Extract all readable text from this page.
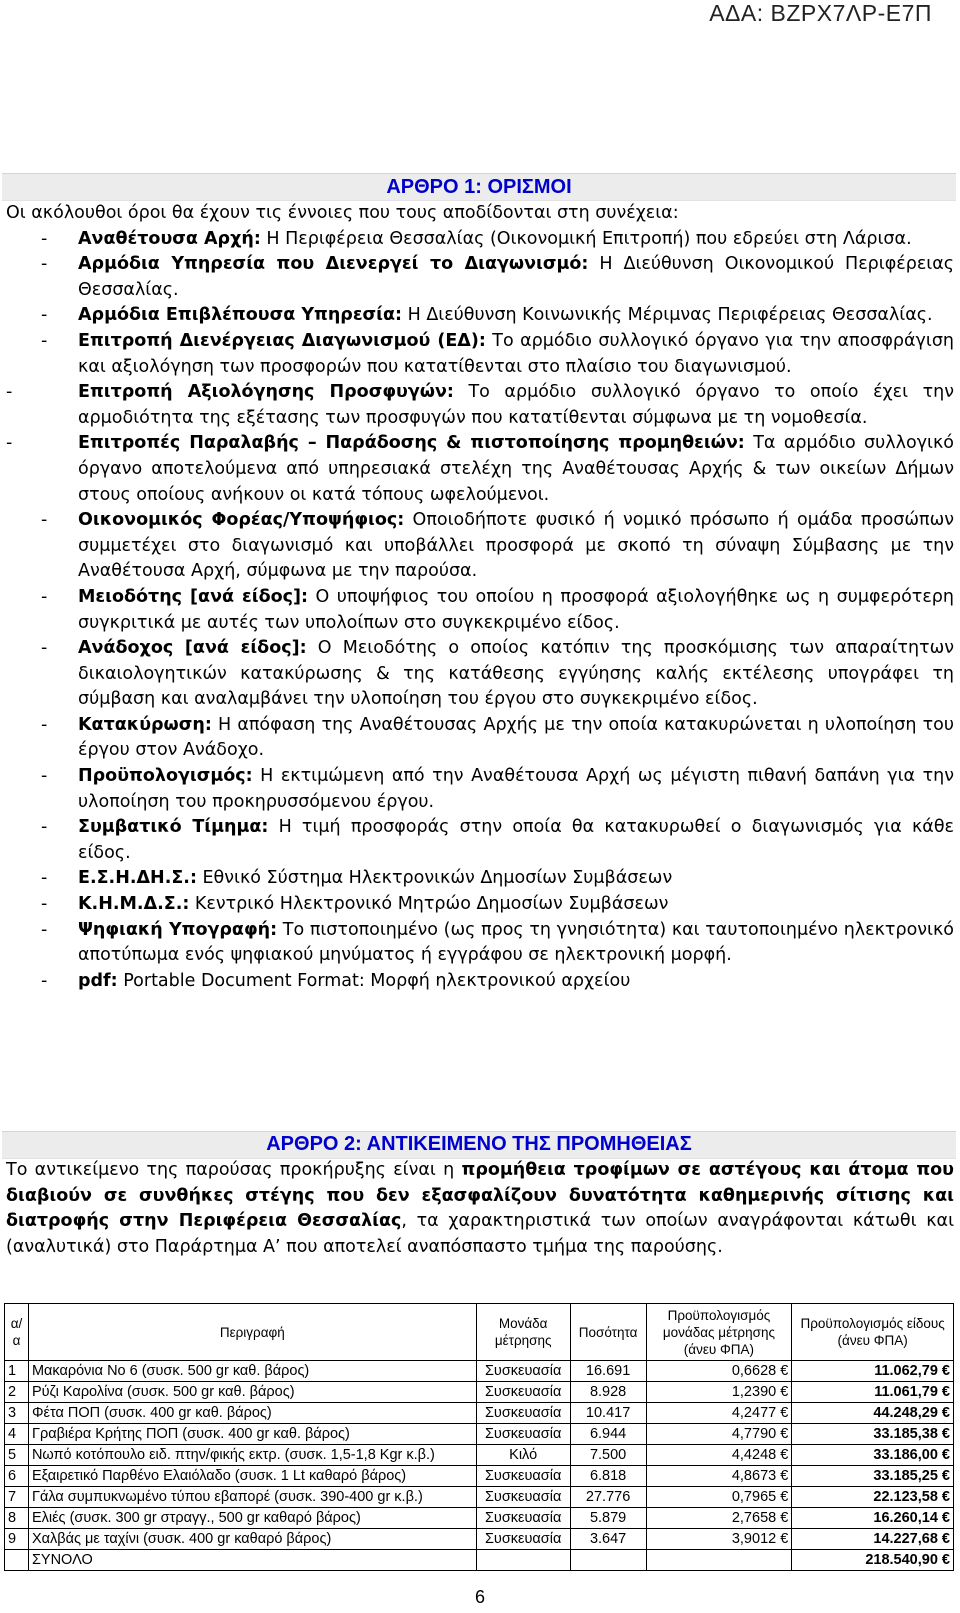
ΑΔΑ: ΒΖΡΧ7ΛΡ-Ε7Π
ΑΡΘΡΟ 1: ΟΡΙΣΜΟΙ

Οι ακόλουθοι όροι θα έχουν τις έννοιες που τους αποδίδονται στη συνέχεια:

- Αναθέτουσα Αρχή: Η Περιφέρεια Θεσσαλίας (Οικονομική Επιτροπή) που εδρεύει στη Λάρισα.
- Αρμόδια Υπηρεσία που Διενεργεί το Διαγωνισμό: Η Διεύθυνση Οικονομικού Περιφέρειας Θεσσαλίας.
- Αρμόδια Επιβλέπουσα Υπηρεσία: Η Διεύθυνση Κοινωνικής Μέριμνας Περιφέρειας Θεσσαλίας.
- Επιτροπή Διενέργειας Διαγωνισμού (ΕΔ): Το αρμόδιο συλλογικό όργανο για την αποσφράγιση και αξιολόγηση των προσφορών που κατατίθενται στο πλαίσιο του διαγωνισμού.
-	Επιτροπή Αξιολόγησης Προσφυγών: Το αρμόδιο συλλογικό όργανο το οποίο έχει την αρμοδιότητα της εξέτασης των προσφυγών που κατατίθενται σύμφωνα με τη νομοθεσία.
-	Επιτροπές Παραλαβής – Παράδοσης & πιστοποίησης προμηθειών: Τα αρμόδιο συλλογικό όργανο αποτελούμενα από υπηρεσιακά στελέχη της Αναθέτουσας Αρχής & των οικείων Δήμων στους οποίους ανήκουν οι κατά τόπους ωφελούμενοι.
- Οικονομικός Φορέας/Υποψήφιος: Οποιοδήποτε φυσικό ή νομικό πρόσωπο ή ομάδα προσώπων συμμετέχει στο διαγωνισμό και υποβάλλει προσφορά με σκοπό τη σύναψη Σύμβασης με την Αναθέτουσα Αρχή, σύμφωνα με την παρούσα.
- Μειοδότης [ανά είδος]: Ο υποψήφιος του οποίου η προσφορά αξιολογήθηκε ως η συμφερότερη συγκριτικά με αυτές των υπολοίπων στο συγκεκριμένο είδος.
- Ανάδοχος [ανά είδος]: Ο Μειοδότης ο οποίος κατόπιν της προσκόμισης των απαραίτητων δικαιολογητικών κατακύρωσης & της κατάθεσης εγγύησης καλής εκτέλεσης υπογράφει τη σύμβαση και αναλαμβάνει την υλοποίηση του έργου στο συγκεκριμένο είδος.
- Κατακύρωση: Η απόφαση της Αναθέτουσας Αρχής με την οποία κατακυρώνεται η υλοποίηση του έργου στον Ανάδοχο.
- Προϋπολογισμός: Η εκτιμώμενη από την Αναθέτουσα Αρχή ως μέγιστη πιθανή δαπάνη για την υλοποίηση του προκηρυσσόμενου έργου.
- Συμβατικό Τίμημα: Η τιμή προσφοράς στην οποία θα κατακυρωθεί ο διαγωνισμός για κάθε είδος.
- Ε.Σ.Η.ΔΗ.Σ.: Εθνικό Σύστημα Ηλεκτρονικών Δημοσίων Συμβάσεων
- Κ.Η.Μ.Δ.Σ.: Κεντρικό Ηλεκτρονικό Μητρώο Δημοσίων Συμβάσεων
- Ψηφιακή Υπογραφή: Το πιστοποιημένο (ως προς τη γνησιότητα) και ταυτοποιημένο ηλεκτρονικό αποτύπωμα ενός ψηφιακού μηνύματος ή εγγράφου σε ηλεκτρονική μορφή.
- pdf: Portable Document Format: Μορφή ηλεκτρονικού αρχείου
ΑΡΘΡΟ 2: ΑΝΤΙΚΕΙΜΕΝΟ ΤΗΣ ΠΡΟΜΗΘΕΙΑΣ

Το αντικείμενο της παρούσας προκήρυξης είναι η προμήθεια τροφίμων σε αστέγους και άτομα που διαβιούν σε συνθήκες στέγης που δεν εξασφαλίζουν δυνατότητα καθημερινής σίτισης και διατροφής στην Περιφέρεια Θεσσαλίας, τα χαρακτηριστικά των οποίων αναγράφονται κάτωθι και (αναλυτικά) στο Παράρτημα Α’ που αποτελεί αναπόσπαστο τμήμα της παρούσης.

α/α	Περιγραφή	Μονάδα μέτρησης	Ποσότητα	Προϋπολογισμός μονάδας μέτρησης (άνευ ΦΠΑ)	Προϋπολογισμός είδους (άνευ ΦΠΑ)
1	Μακαρόνια Νο 6 (συσκ. 500 gr καθ. βάρος)	Συσκευασία	16.691	0,6628 €	11.062,79 €
2	Ρύζι Καρολίνα (συσκ. 500 gr καθ. βάρος)	Συσκευασία	8.928	1,2390 €	11.061,79 €
3	Φέτα ΠΟΠ (συσκ. 400 gr καθ. βάρος)	Συσκευασία	10.417	4,2477 €	44.248,29 €
4	Γραβιέρα Κρήτης ΠΟΠ (συσκ. 400 gr καθ. βάρος)	Συσκευασία	6.944	4,7790 €	33.185,38 €
5	Νωπό κοτόπουλο ειδ. πτην/φικής εκτρ. (συσκ. 1,5-1,8 Kgr κ.β.)	Κιλό	7.500	4,4248 €	33.186,00 €
6	Εξαιρετικό Παρθένο Ελαιόλαδο (συσκ. 1 Lt καθαρό βάρος)	Συσκευασία	6.818	4,8673 €	33.185,25 €
7	Γάλα συμπυκνωμένο τύπου εβαπορέ (συσκ. 390-400 gr κ.β.)	Συσκευασία	27.776	0,7965 €	22.123,58 €
8	Ελιές (συσκ. 300 gr στραγγ., 500 gr καθαρό βάρος)	Συσκευασία	5.879	2,7658 €	16.260,14 €
9	Χαλβάς με ταχίνι (συσκ. 400 gr καθαρό βάρος)	Συσκευασία	3.647	3,9012 €	14.227,68 €
	ΣΥΝΟΛΟ				218.540,90 €
6
